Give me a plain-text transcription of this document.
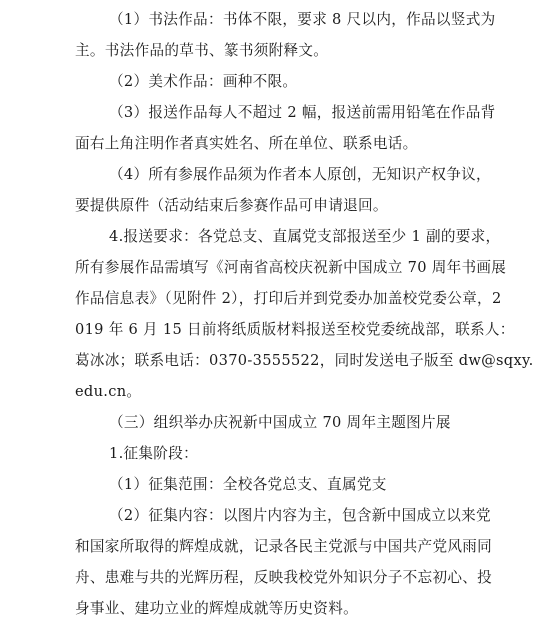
（1）书法作品：书体不限，要求 8 尺以内，作品以竖式为
主。书法作品的草书、篆书须附释文。
（2）美术作品：画种不限。
（3）报送作品每人不超过 2 幅，报送前需用铅笔在作品背
面右上角注明作者真实姓名、所在单位、联系电话。
（4）所有参展作品须为作者本人原创，无知识产权争议，
要提供原件（活动结束后参赛作品可申请退回。
4.报送要求：各党总支、直属党支部报送至少 1 副的要求，
所有参展作品需填写《河南省高校庆祝新中国成立 70 周年书画展
作品信息表》（见附件 2），打印后并到党委办加盖校党委公章，2
019 年 6 月 15 日前将纸质版材料报送至校党委统战部，联系人：
葛冰冰；联系电话：0370-3555522，同时发送电子版至 dw@sqxy.
edu.cn。
（三）组织举办庆祝新中国成立 70 周年主题图片展
1.征集阶段：
（1）征集范围：全校各党总支、直属党支
（2）征集内容：以图片内容为主，包含新中国成立以来党
和国家所取得的辉煌成就，记录各民主党派与中国共产党风雨同
舟、患难与共的光辉历程，反映我校党外知识分子不忘初心、投
身事业、建功立业的辉煌成就等历史资料。
